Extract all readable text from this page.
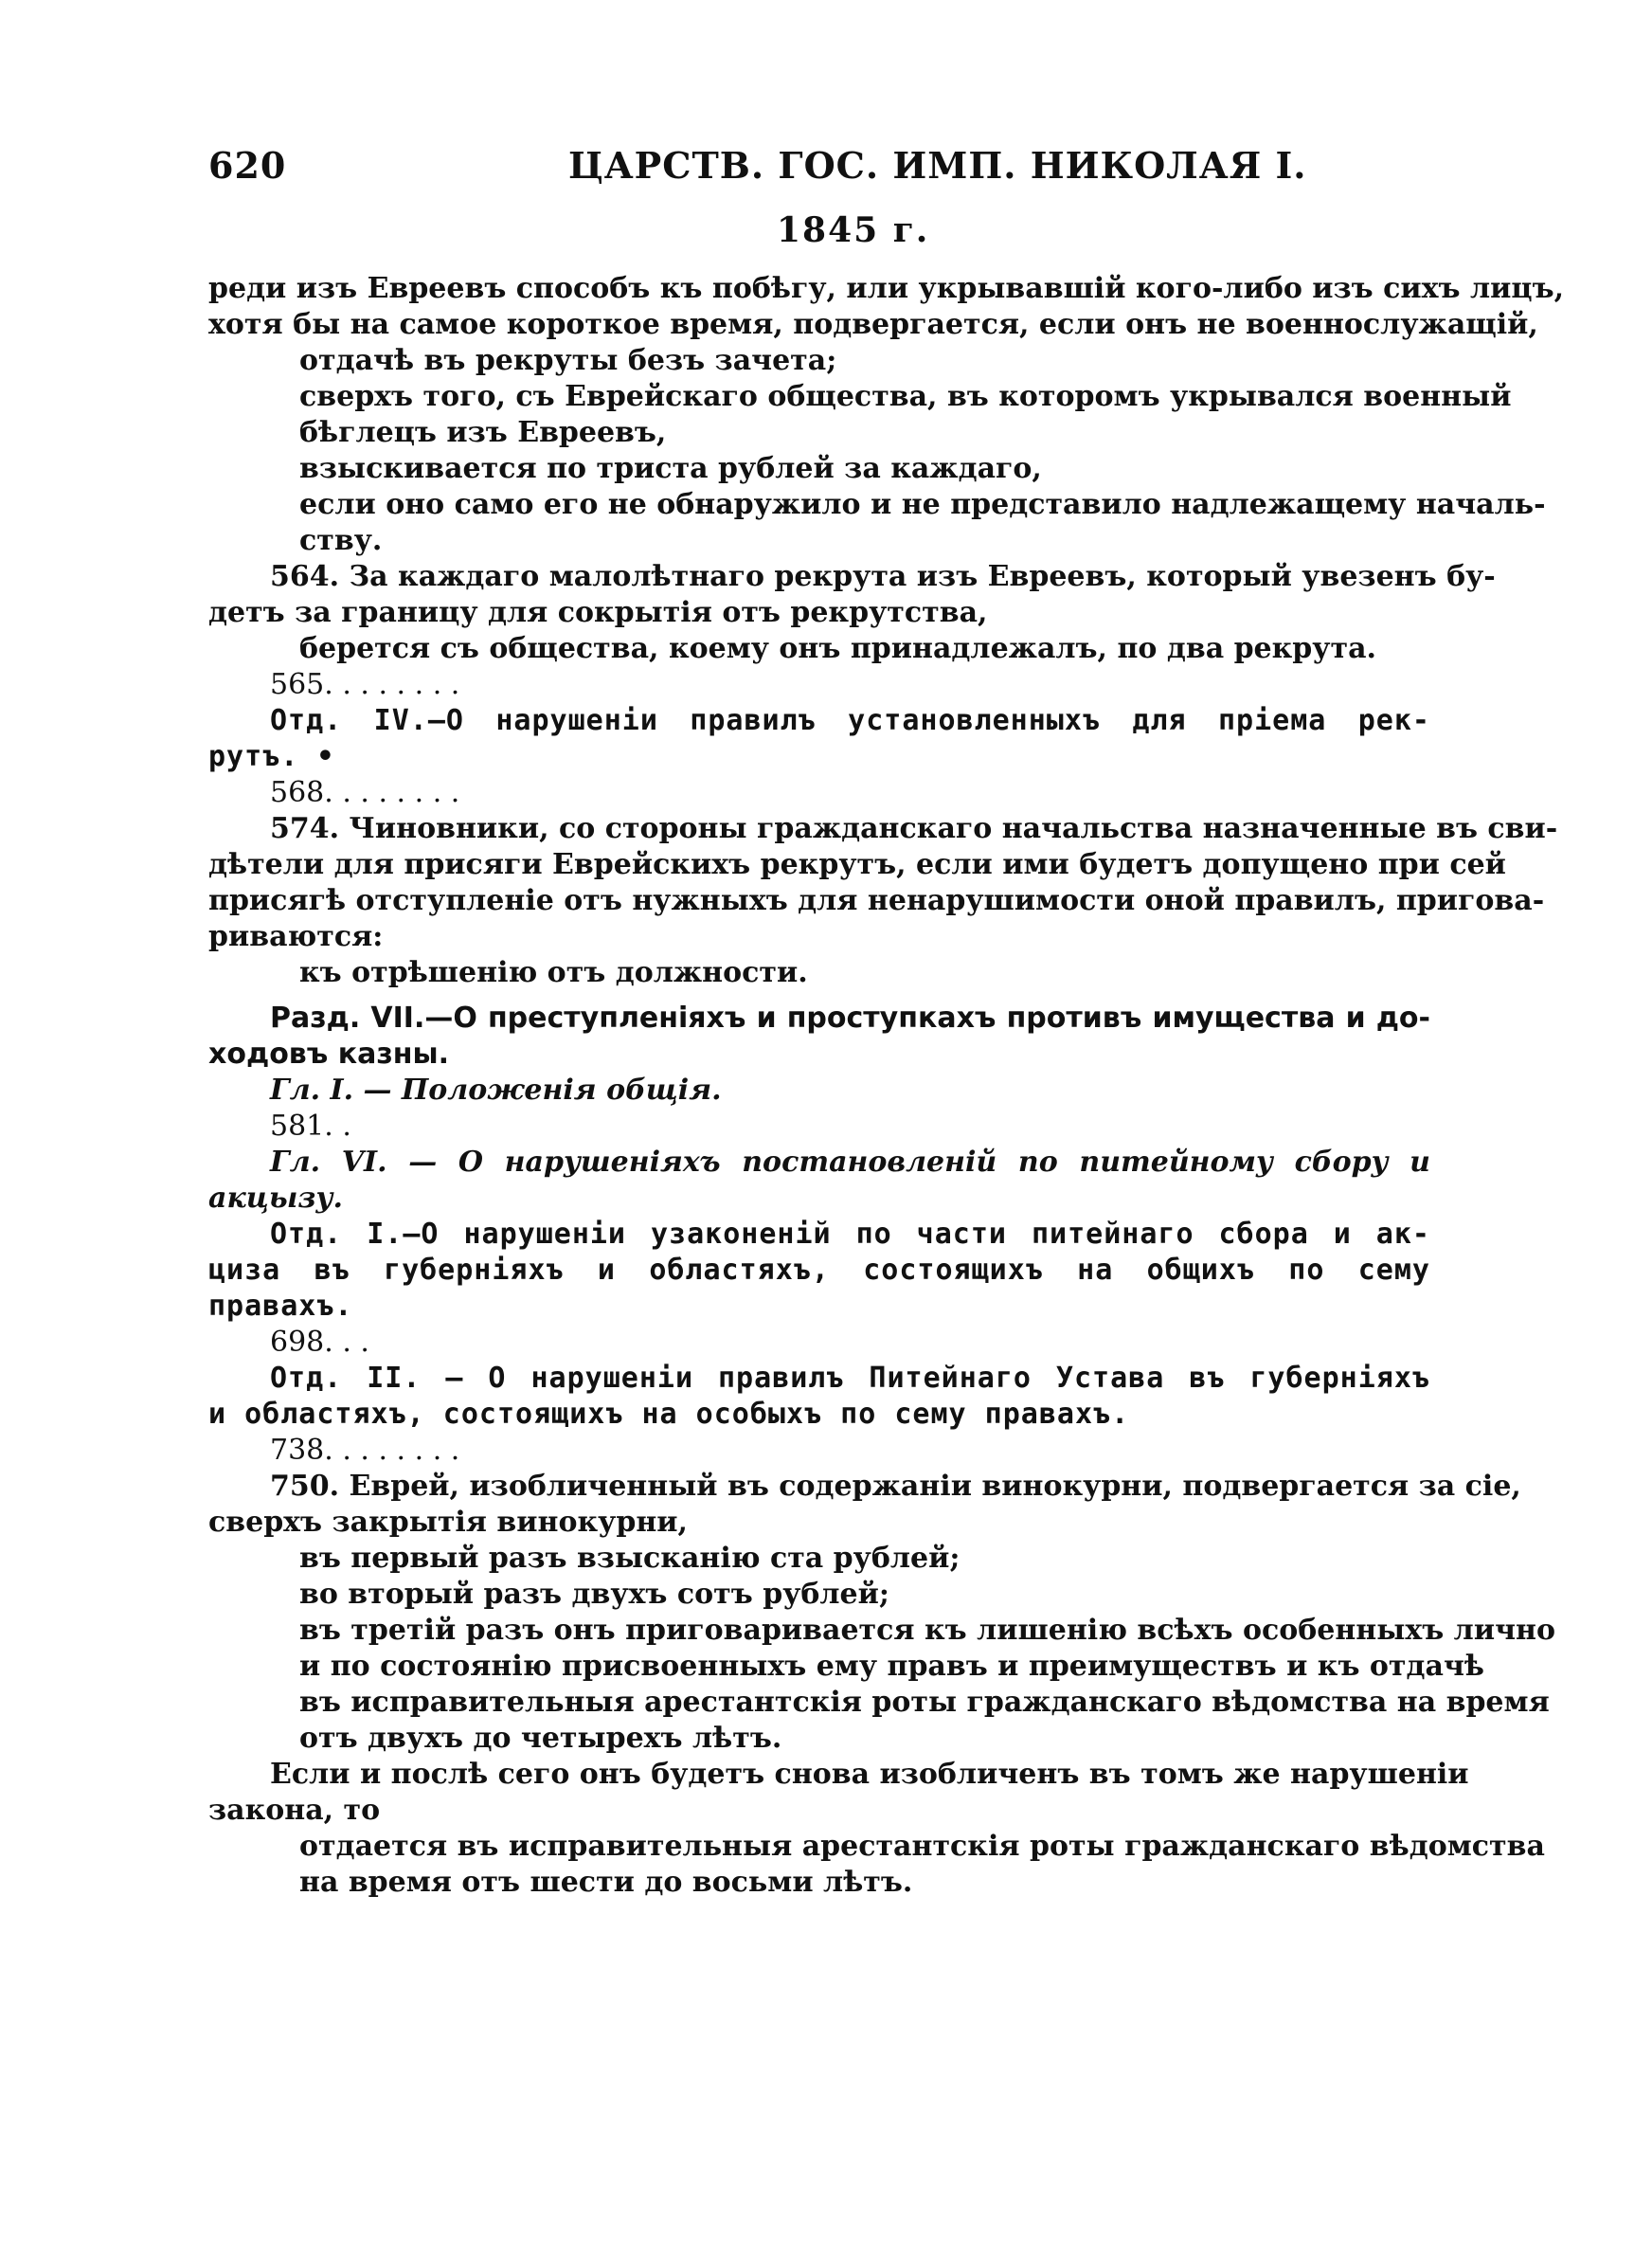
620	ЦАРСТВ. ГОС. ИМП. НИКОЛАЯ I.
1845 г.
реди изъ Евреевъ способъ къ побѣгу, или укрывавшій кого-либо изъ сихъ лицъ,
хотя бы на самое короткое время, подвергается, если онъ не военнослужащій,
отдачѣ въ рекруты безъ зачета;
сверхъ того, съ Еврейскаго общества, въ которомъ укрывался военный
бѣглецъ изъ Евреевъ,
взыскивается по триста рублей за каждаго,
если оно само его не обнаружило и не представило надлежащему началь-
ству.
564. За каждаго малолѣтнаго рекрута изъ Евреевъ, который увезенъ бу-
детъ за границу для сокрытія отъ рекрутства,
берется съ общества, коему онъ принадлежалъ, по два рекрута.
565. . . . . . . .
Отд. IV.—О нарушеніи правилъ установленныхъ для пріема рек-
рутъ. •
568. . . . . . . .
574. Чиновники, со стороны гражданскаго начальства назначенные въ сви-
дѣтели для присяги Еврейскихъ рекрутъ, если ими будетъ допущено при сей
присягѣ отступленіе отъ нужныхъ для ненарушимости оной правилъ, пригова-
риваются:
къ отрѣшенію отъ должности.
Разд. VII.—О преступленіяхъ и проступкахъ противъ имущества и до-
ходовъ казны.
Гл. I. — Положенія общія.
581. .
Гл. VI. — О нарушеніяхъ постановленій по питейному сбору и
акцызу.
Отд. I.—О нарушеніи узаконеній по части питейнаго сбора и ак-
циза въ губерніяхъ и областяхъ, состоящихъ на общихъ по сему
правахъ.
698. . .
Отд. II. — О нарушеніи правилъ Питейнаго Устава въ губерніяхъ
и областяхъ, состоящихъ на особыхъ по сему правахъ.
738. . . . . . . .
750. Еврей, изобличенный въ содержаніи винокурни, подвергается за сіе,
сверхъ закрытія винокурни,
въ первый разъ взысканію ста рублей;
во вторый разъ двухъ сотъ рублей;
въ третій разъ онъ приговаривается къ лишенію всѣхъ особенныхъ лично
и по состоянію присвоенныхъ ему правъ и преимуществъ и къ отдачѣ
въ исправительныя арестантскія роты гражданскаго вѣдомства на время
отъ двухъ до четырехъ лѣтъ.
Если и послѣ сего онъ будетъ снова изобличенъ въ томъ же нарушеніи
закона, то
отдается въ исправительныя арестантскія роты гражданскаго вѣдомства
на время отъ шести до восьми лѣтъ.
